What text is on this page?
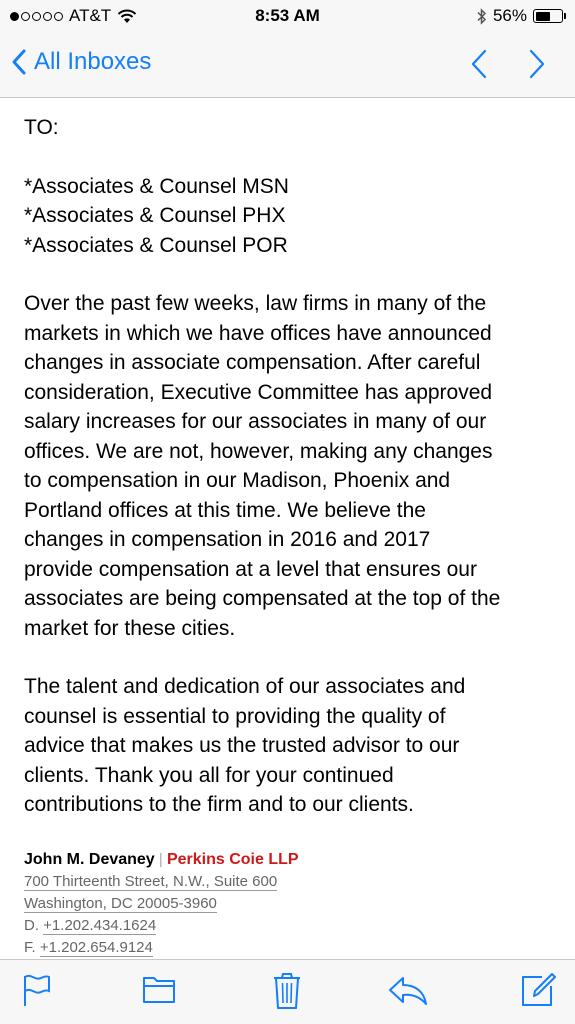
AT&T	8:53 AM	56%
All Inboxes
TO:
*Associates & Counsel MSN
*Associates & Counsel PHX
*Associates & Counsel POR
Over the past few weeks, law firms in many of the
markets in which we have offices have announced
changes in associate compensation. After careful
consideration, Executive Committee has approved
salary increases for our associates in many of our
offices. We are not, however, making any changes
to compensation in our Madison, Phoenix and
Portland offices at this time. We believe the
changes in compensation in 2016 and 2017
provide compensation at a level that ensures our
associates are being compensated at the top of the
market for these cities.
The talent and dedication of our associates and
counsel is essential to providing the quality of
advice that makes us the trusted advisor to our
clients. Thank you all for your continued
contributions to the firm and to our clients.
John M. Devaney | Perkins Coie LLP
700 Thirteenth Street, N.W., Suite 600
Washington, DC 20005-3960
D. +1.202.434.1624
F. +1.202.654.9124
